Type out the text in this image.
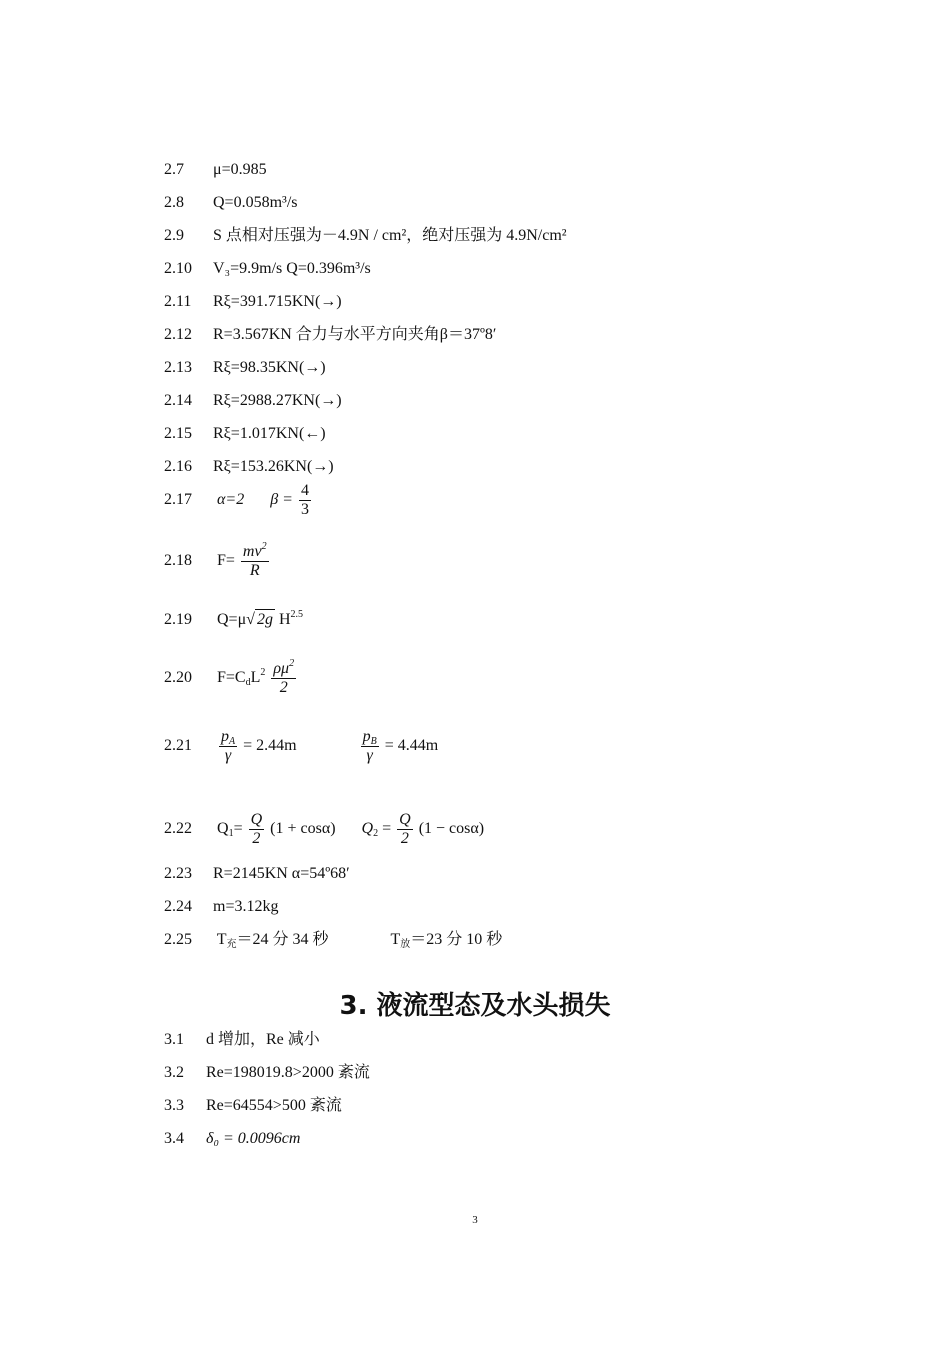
2.7 μ=0.985
2.8 Q=0.058m³/s
2.9 S 点相对压强为－4.9N / cm²，绝对压强为 4.9N/cm²
2.10 V₃=9.9m/s Q=0.396m³/s
2.11 Rξ=391.715KN(→)
2.12 R=3.567KN 合力与水平方向夹角β＝37º8′
2.13 Rξ=98.35KN(→)
2.14 Rξ=2988.27KN(→)
2.15 Rξ=1.017KN(←)
2.16 Rξ=153.26KN(→)
2.17 α=2 $\beta = \frac{4}{3}$
2.18 $F= \frac{mv^2}{R}$
2.19 Q=μ√ 2g $H^{2.5}$
2.20 $F=C_dL^2 \frac{\rho\mu^2}{2}$
$2.21 \frac{p_A}{\gamma} = 2.44m$	$\frac{p_B}{\gamma} = 4.44m$
2.22 $Q_1= \frac{Q}{2} (1 + \cos\alpha) Q_2 = \frac{Q}{2} (1 - \cos\alpha)$
2.23 R=2145KN α=54º68′
2.24 m=3.12kg
2.25 $T_充=24$ 分 34 秒	$T_放=23$ 分 10 秒
3. 液流型态及水头损失
3.1 d 增加，Re 减小
3.2 Re=198019.8>2000 紊流
3.3 Re=64554>500 紊流
3.4 δ₀ = 0.0096cm
3
